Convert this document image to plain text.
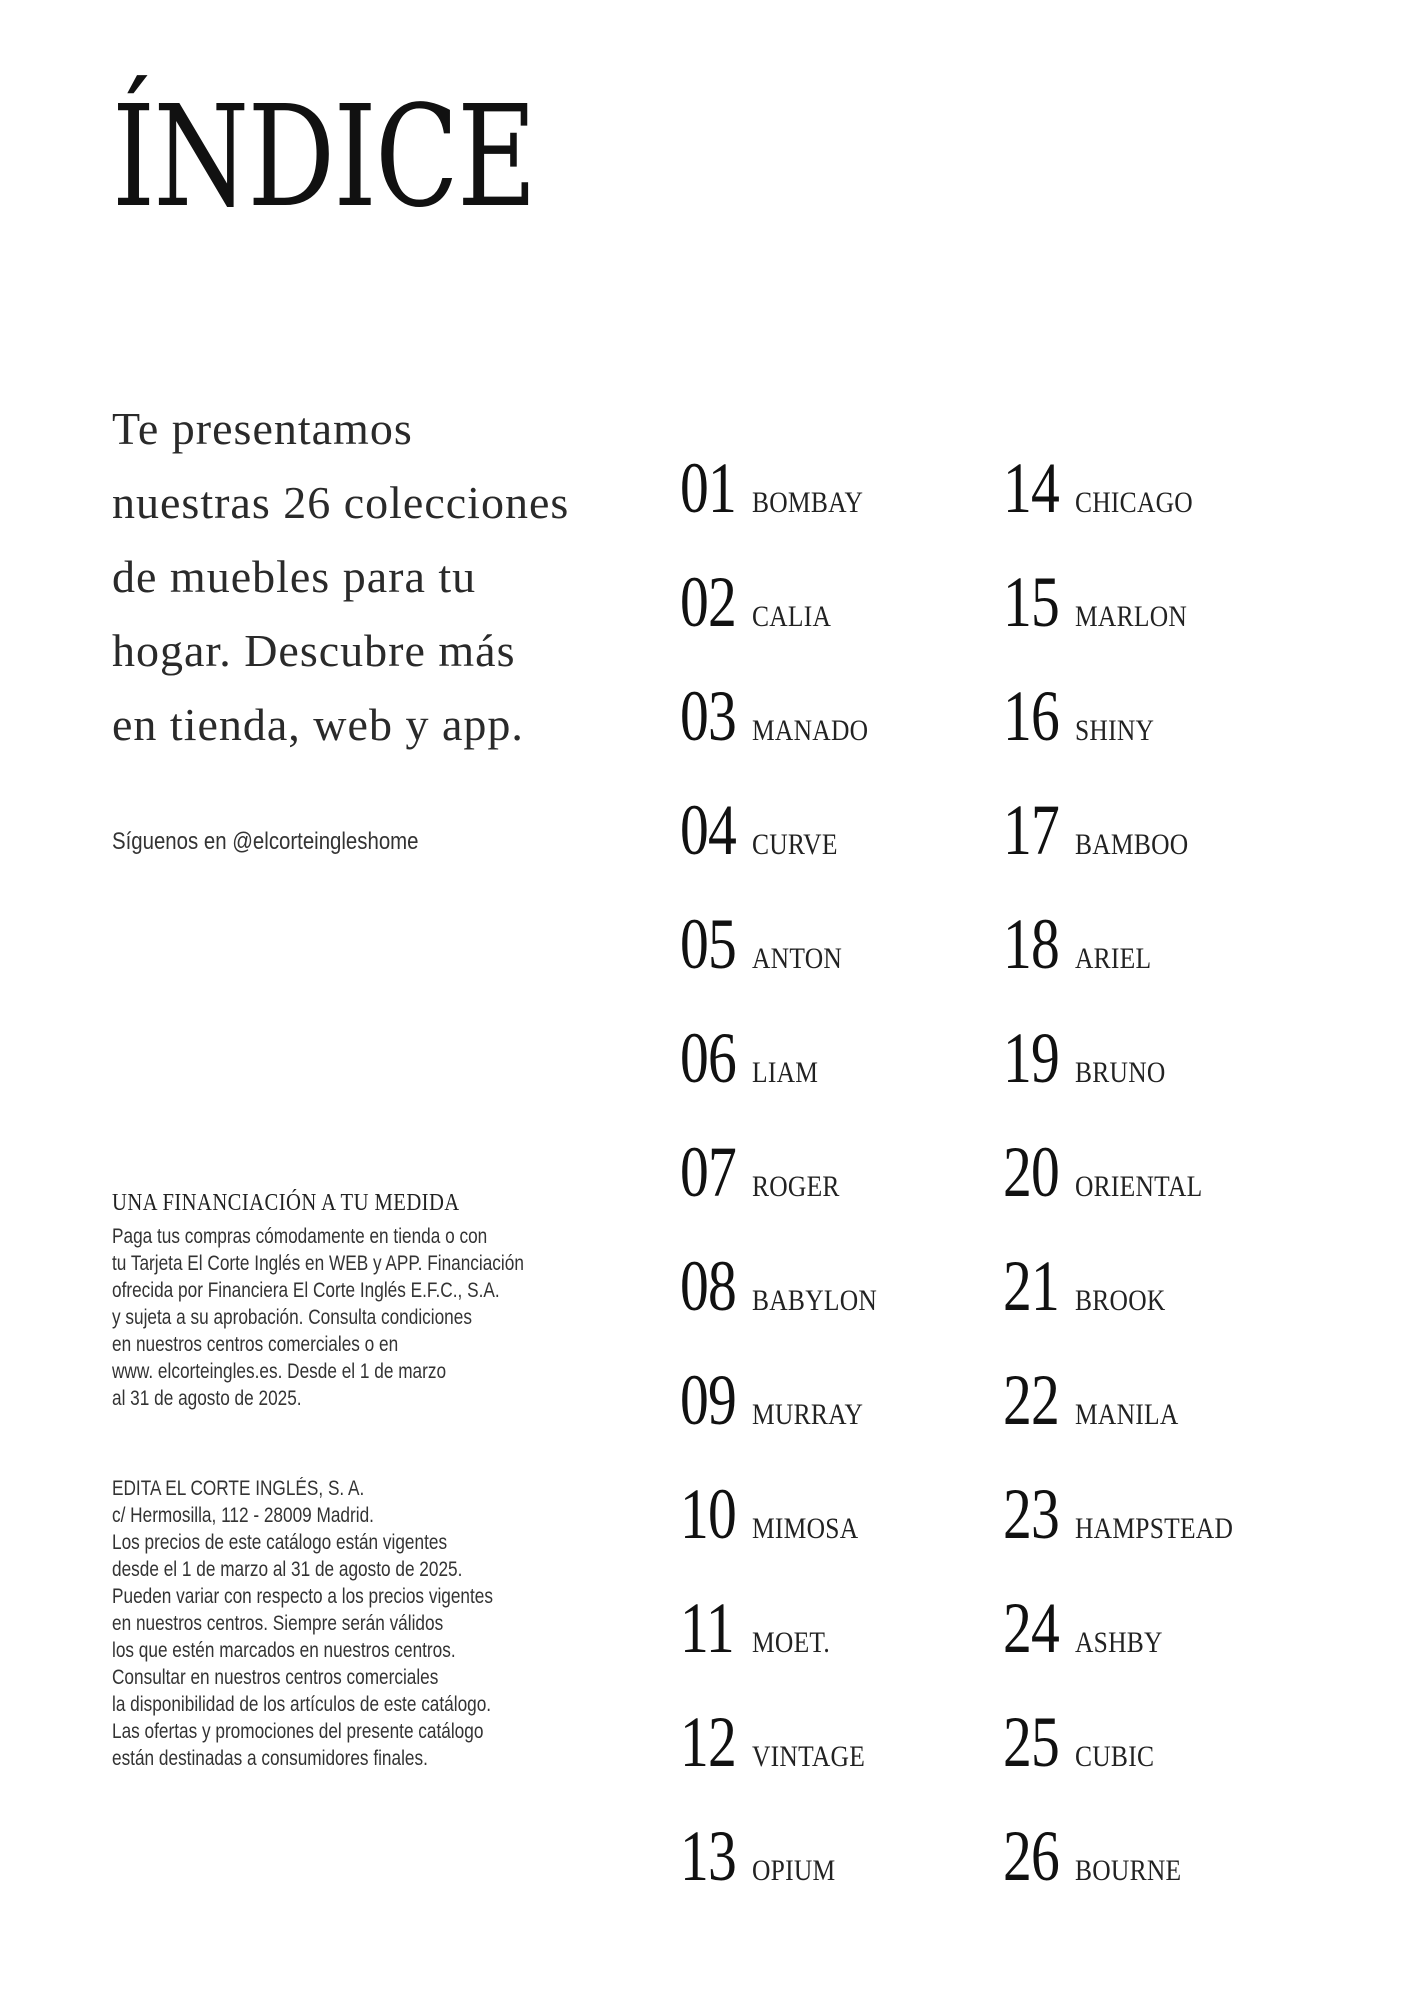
ÍNDICE

Te presentamos
nuestras 26 colecciones
de muebles para tu
hogar. Descubre más
en tienda, web y app.

Síguenos en @elcorteingleshome
UNA FINANCIACIÓN A TU MEDIDA
Paga tus compras cómodamente en tienda o con
tu Tarjeta El Corte Inglés en WEB y APP. Financiación
ofrecida por Financiera El Corte Inglés E.F.C., S.A.
y sujeta a su aprobación. Consulta condiciones
en nuestros centros comerciales o en
www. elcorteingles.es. Desde el 1 de marzo
al 31 de agosto de 2025.
EDITA EL CORTE INGLÉS, S. A.
c/ Hermosilla, 112 - 28009 Madrid.
Los precios de este catálogo están vigentes
desde el 1 de marzo al 31 de agosto de 2025.
Pueden variar con respecto a los precios vigentes
en nuestros centros. Siempre serán válidos
los que estén marcados en nuestros centros.
Consultar en nuestros centros comerciales
la disponibilidad de los artículos de este catálogo.
Las ofertas y promociones del presente catálogo
están destinadas a consumidores finales.
01 BOMBAY
02 CALIA
03 MANADO
04 CURVE
05 ANTON
06 LIAM
07 ROGER
08 BABYLON
09 MURRAY
10 MIMOSA
11 MOET.
12 VINTAGE
13 OPIUM
14 CHICAGO
15 MARLON
16 SHINY
17 BAMBOO
18 ARIEL
19 BRUNO
20 ORIENTAL
21 BROOK
22 MANILA
23 HAMPSTEAD
24 ASHBY
25 CUBIC
26 BOURNE
